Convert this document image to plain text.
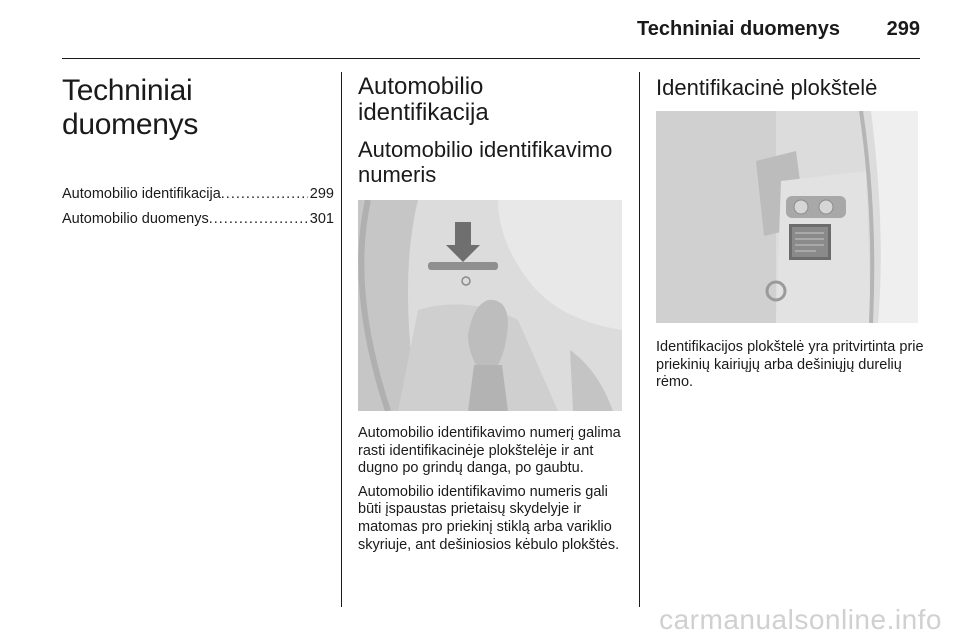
Techniniai duomenys	299
Techniniai duomenys
Automobilio identifikacija .....	299
Automobilio duomenys .....	301
Automobilio
identifikacija
Automobilio identifikavimo
numeris

Automobilio identifikavimo numerį galima rasti identifikacinėje plokštelėje ir ant dugno po grindų danga, po gaubtu.

Automobilio identifikavimo numeris gali būti įspaustas prietaisų skydelyje ir matomas pro priekinį stiklą arba variklio skyriuje, ant dešiniosios kėbulo plokštės.

Identifikacinė plokštelė

Identifikacijos plokštelė yra pritvirtinta prie priekinių kairiųjų arba dešiniųjų durelių rėmo.

carmanualsonline.info
